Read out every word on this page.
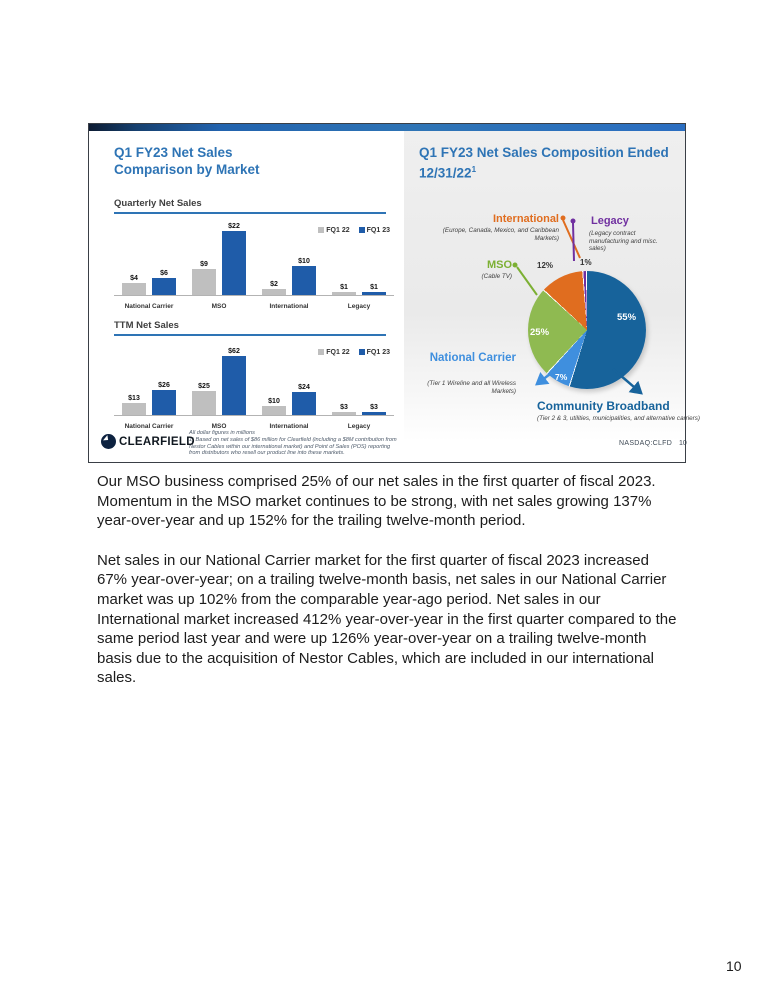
Q1 FY23 Net Sales
Comparison by Market
Quarterly Net Sales
FQ1 22	FQ1 23
$4
$6
$9
$22
$2
$10
$1	$1
National Carrier	MSO	International	Legacy
TTM Net Sales
FQ1 22	FQ1 23
$13
$26	$25
$62
$10
$24
$3	$3
National Carrier	MSO	International	Legacy
All dollar figures in millions
1) Based on net sales of $86 million for Clearfield (including a $8M contribution from Nestor Cables within our international market) and Point of Sales (POS) reporting from distributors who resell our product line into these markets.
CLEARFIELD
Q1 FY23 Net Sales Composition Ended
$12/31/22^1$
International
(Europe, Canada, Mexico, and Caribbean Markets)
Legacy
(Legacy contract manufacturing and misc. sales)
MSO
(Cable TV)
National Carrier
(Tier 1 Wireline and all Wireless Markets)
Community Broadband
(Tier 2 & 3, utilities, municipalities, and alternative carriers)
12 %	1 %
55 %
25 %
7 %
NASDAQ:CLFD 10

Our MSO business comprised 25% of our net sales in the first quarter of fiscal 2023. Momentum in the MSO market continues to be strong, with net sales growing 137% year-over-year and up 152% for the trailing twelve-month period.

Net sales in our National Carrier market for the first quarter of fiscal 2023 increased 67% year-over-year; on a trailing twelve-month basis, net sales in our National Carrier market was up 102% from the comparable year-ago period. Net sales in our International market increased 412% year-over-year in the first quarter compared to the same period last year and were up 126% year-over-year on a trailing twelve-month basis due to the acquisition of Nestor Cables, which are included in our international sales.

10
